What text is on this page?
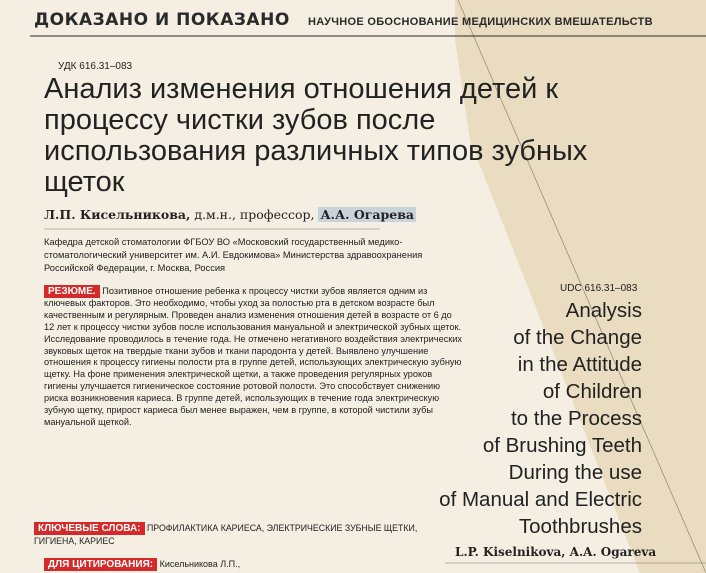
ДОКАЗАНО И ПОКАЗАНО НАУЧНОЕ ОБОСНОВАНИЕ МЕДИЦИНСКИХ ВМЕШАТЕЛЬСТВ
УДК 616.31–083
Анализ изменения отношения детей к процессу чистки зубов после использования различных типов зубных щеток
Л.П. Кисельникова, д.м.н., профессор, А.А. Огарева
Кафедра детской стоматологии ФГБОУ ВО «Московский государственный медико-стоматологический университет им. А.И. Евдокимова» Министерства здравоохранения Российской Федерации, г. Москва, Россия
РЕЗЮМЕ. Позитивное отношение ребенка к процессу чистки зубов является одним из ключевых факторов. Это необходимо, чтобы уход за полостью рта в детском возрасте был качественным и регулярным. Проведен анализ изменения отношения детей в возрасте от 6 до 12 лет к процессу чистки зубов после использования мануальной и электрической зубных щеток. Исследование проводилось в течение года. Не отмечено негативного воздействия электрических звуковых щеток на твердые ткани зубов и ткани пародонта у детей. Выявлено улучшение отношения к процессу гигиены полости рта в группе детей, использующих электрическую зубную щетку. На фоне применения электрической щетки, а также проведения регулярных уроков гигиены улучшается гигиеническое состояние ротовой полости. Это способствует снижению риска возникновения кариеса. В группе детей, использующих в течение года электрическую зубную щетку, прирост кариеса был менее выражен, чем в группе, в которой чистили зубы мануальной щеткой.
КЛЮЧЕВЫЕ СЛОВА: ПРОФИЛАКТИКА КАРИЕСА, ЭЛЕКТРИЧЕСКИЕ ЗУБНЫЕ ЩЕТКИ, ГИГИЕНА, КАРИЕС
ДЛЯ ЦИТИРОВАНИЯ: Кисельникова Л.П.,
UDC 616.31–083
Analysis
of the Change
in the Attitude
of Children
to the Process
of Brushing Teeth
During the use
of Manual and Electric
Toothbrushes
L.P. Kiselnikova, A.A. Ogareva
